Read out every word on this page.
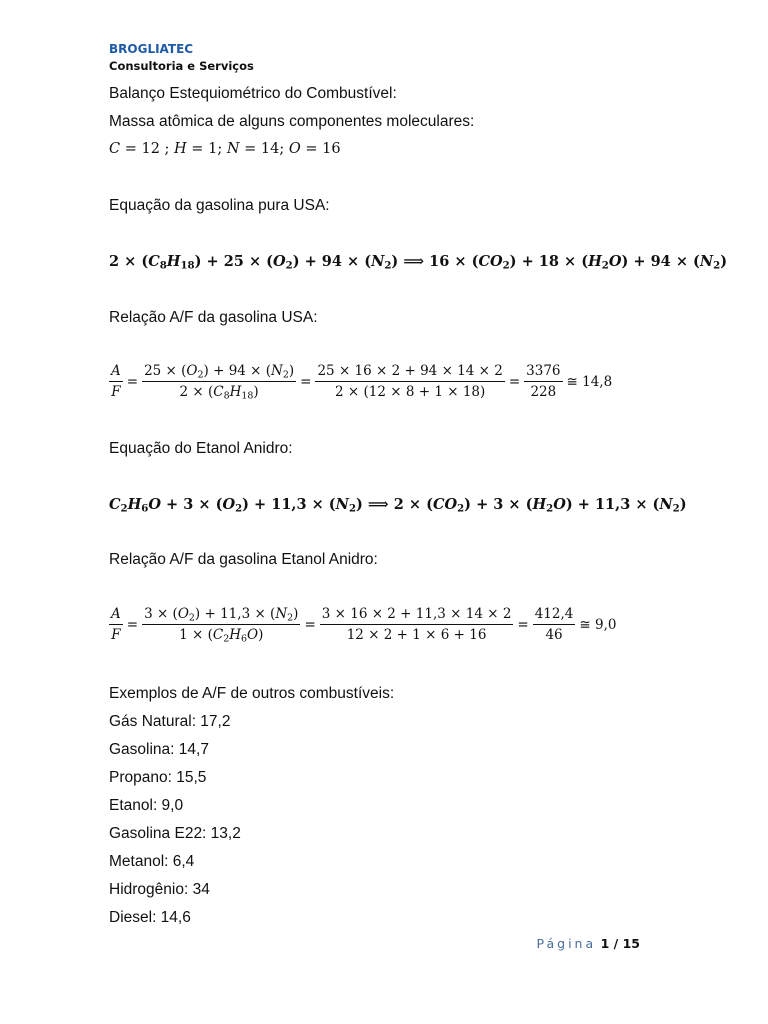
BROGLIATEC
Consultoria e Serviços
Balanço Estequiométrico do Combustível:
Massa atômica de alguns componentes moleculares:
C = 12 ; H = 1; N = 14; O = 16
Equação da gasolina pura USA:
$2 \times (C_8H_{18}) + 25 \times (O_2) + 94 \times (N_2)$ ⟹ $16 \times (CO_2) + 18 \times (H_2O) + 94 \times (N_2)$
Relação A/F da gasolina USA:
$\frac{A}{F} = \frac{25 \times (O_2) + 94 \times (N_2)}{2 \times (C_8H_{18})} = \frac{25 \times 16 \times 2 + 94 \times 14 \times 2}{2 \times (12 \times 8 + 1 \times 18)} = \frac{3376}{228}$ ≅ 14,8
Equação do Etanol Anidro:
$C_2H_6O + 3 \times (O_2) + 11,3 \times (N_2)$ ⟹ $2 \times (CO_2) + 3 \times (H_2O) + 11,3 \times (N_2)$
Relação A/F da gasolina Etanol Anidro:
$\frac{A}{F} = \frac{3 \times (O_2) + 11,3 \times (N_2)}{1 \times (C_2H_6O)} = \frac{3 \times 16 \times 2 + 11,3 \times 14 \times 2}{12 \times 2 + 1 \times 6 + 16} = \frac{412,4}{46}$ ≅ 9,0
Exemplos de A/F de outros combustíveis:
Gás Natural: 17,2
Gasolina: 14,7
Propano: 15,5
Etanol: 9,0
Gasolina E22: 13,2
Metanol: 6,4
Hidrogênio: 34
Diesel: 14,6
Página 1 / 15
